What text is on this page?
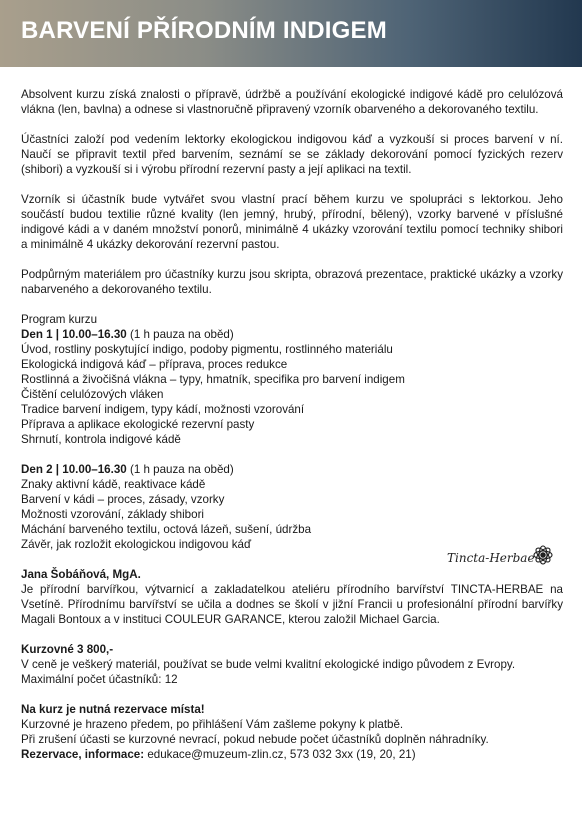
BARVENÍ PŘÍRODNÍM INDIGEM

Absolvent kurzu získá znalosti o přípravě, údržbě a používání ekologické indigové kádě pro celulózová vlákna (len, bavlna) a odnese si vlastnoručně připravený vzorník obarveného a dekorovaného textilu.

Účastníci založí pod vedením lektorky ekologickou indigovou káď a vyzkouší si proces barvení v ní. Naučí se připravit textil před barvením, seznámí se se základy dekorování pomocí fyzických rezerv (shibori) a vyzkouší si i výrobu přírodní rezervní pasty a její aplikaci na textil.

Vzorník si účastník bude vytvářet svou vlastní prací během kurzu ve spolupráci s lektorkou. Jeho součástí budou textilie různé kvality (len jemný, hrubý, přírodní, bělený), vzorky barvené v příslušné indigové kádi a v daném množství ponorů, minimálně 4 ukázky vzorování textilu pomocí techniky shibori a minimálně 4 ukázky dekorování rezervní pastou.

Podpůrným materiálem pro účastníky kurzu jsou skripta, obrazová prezentace, praktické ukázky a vzorky nabarveného a dekorovaného textilu.

Program kurzu
Den 1 | 10.00–16.30 (1 h pauza na oběd)
Úvod, rostliny poskytující indigo, podoby pigmentu, rostlinného materiálu
Ekologická indigová káď – příprava, proces redukce
Rostlinná a živočišná vlákna – typy, hmatník, specifika pro barvení indigem
Čištění celulózových vláken
Tradice barvení indigem, typy kádí, možnosti vzorování
Příprava a aplikace ekologické rezervní pasty
Shrnutí, kontrola indigové kádě
Den 2 | 10.00–16.30 (1 h pauza na oběd)
Znaky aktivní kádě, reaktivace kádě
Barvení v kádi – proces, zásady, vzorky
Možnosti vzorování, základy shibori
Máchání barveného textilu, octová lázeň, sušení, údržba
Závěr, jak rozložit ekologickou indigovou káď
Jana Šobáňová, MgA.
Je přírodní barvířkou, výtvarnicí a zakladatelkou ateliéru přírodního barvířství TINCTA-HERBAE na Vsetíně. Přírodnímu barvířství se učila a dodnes se školí v jižní Francii u profesionální přírodní barvířky Magali Bontoux a v instituci COULEUR GARANCE, kterou založil Michael Garcia.
Kurzovné 3 800,-
V ceně je veškerý materiál, používat se bude velmi kvalitní ekologické indigo původem z Evropy.
Maximální počet účastníků: 12
Na kurz je nutná rezervace místa!
Kurzovné je hrazeno předem, po přihlášení Vám zašleme pokyny k platbě.
Při zrušení účasti se kurzovné nevrací, pokud nebude počet účastníků doplněn náhradníky.
Rezervace, informace: edukace@muzeum-zlin.cz, 573 032 3xx (19, 20, 21)
Tincta-Herbae
